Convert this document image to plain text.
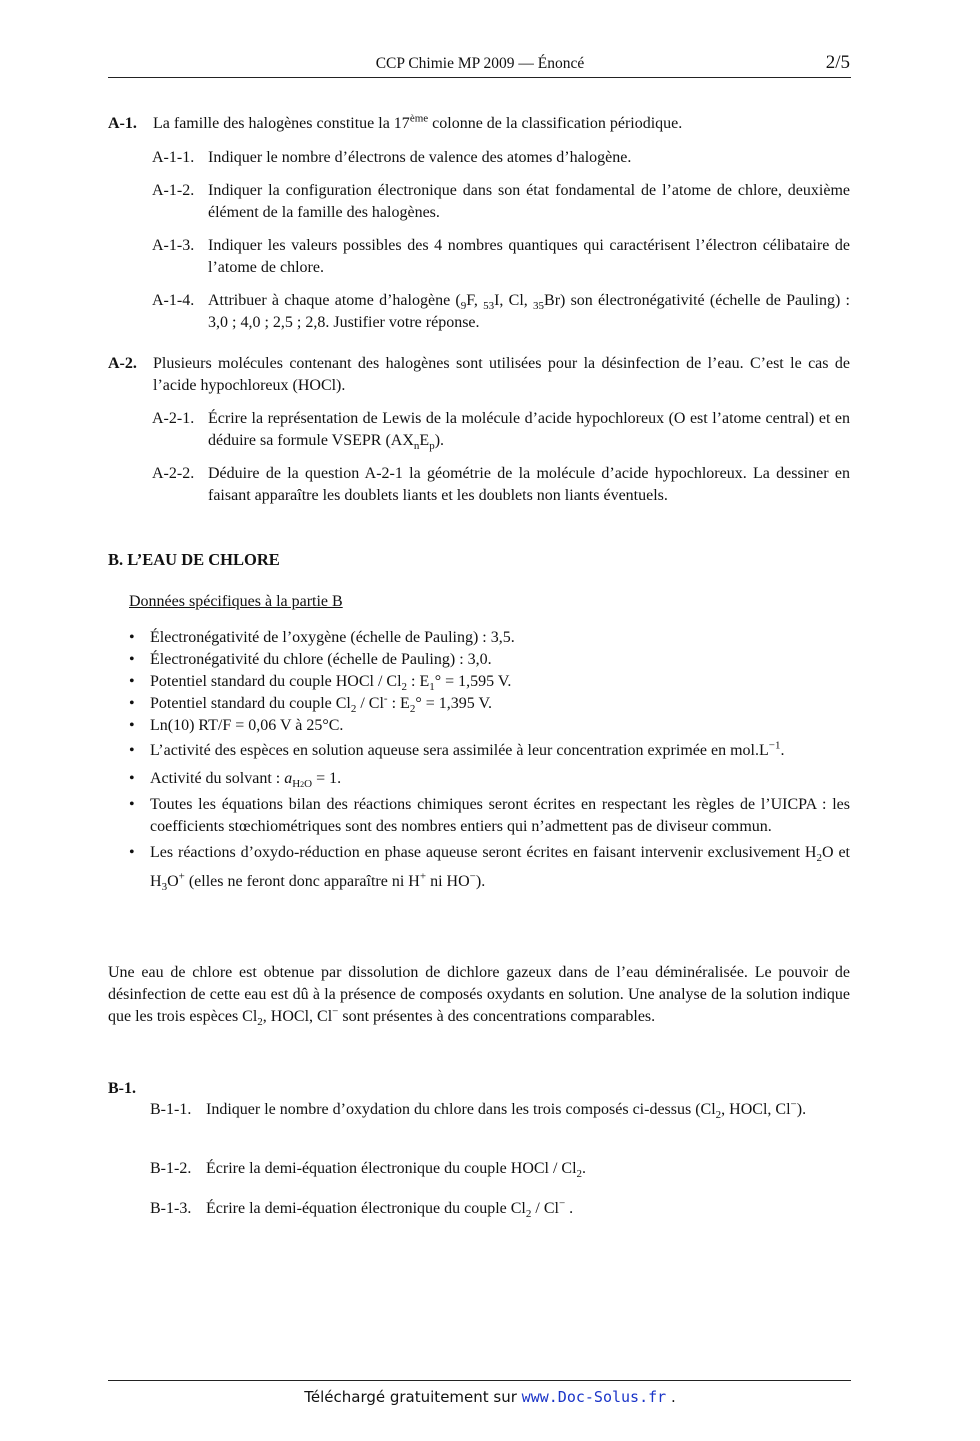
CCP Chimie MP 2009 — Énoncé	2/5
A-1. La famille des halogènes constitue la 17ème colonne de la classification périodique.
A-1-1. Indiquer le nombre d’électrons de valence des atomes d’halogène.
A-1-2. Indiquer la configuration électronique dans son état fondamental de l’atome de chlore, deuxième élément de la famille des halogènes.
A-1-3. Indiquer les valeurs possibles des 4 nombres quantiques qui caractérisent l’électron célibataire de l’atome de chlore.
A-1-4. Attribuer à chaque atome d’halogène ($_9F$, $_{53}$I, Cl, $_{35}$Br) son électronégativité (échelle de Pauling) : 3,0 ; 4,0 ; 2,5 ; 2,8. Justifier votre réponse.
A-2. Plusieurs molécules contenant des halogènes sont utilisées pour la désinfection de l’eau. C’est le cas de l’acide hypochloreux (HOCl).
A-2-1. Écrire la représentation de Lewis de la molécule d’acide hypochloreux (O est l’atome central) et en déduire sa formule VSEPR $(AX_nE_p)$.
A-2-2. Déduire de la question A-2-1 la géométrie de la molécule d’acide hypochloreux. La dessiner en faisant apparaître les doublets liants et les doublets non liants éventuels.
B. L’EAU DE CHLORE
Données spécifiques à la partie B
• Électronégativité de l’oxygène (échelle de Pauling) : 3,5.
• Électronégativité du chlore (échelle de Pauling) : 3,0.
• Potentiel standard du couple HOCl / $Cl_2$ : $E_1^\circ = 1,595$ V.
• Potentiel standard du couple $Cl_2 / Cl^-$ : $E_2^\circ = 1,395$ V.
• Ln(10) RT/F = 0,06 V à 25°C.
• L’activité des espèces en solution aqueuse sera assimilée à leur concentration exprimée en $mol.L^{-1}$.
• Activité du solvant : $a_{H2O} = 1$.
• Toutes les équations bilan des réactions chimiques seront écrites en respectant les règles de l’UICPA : les coefficients stœchiométriques sont des nombres entiers qui n’admettent pas de diviseur commun.
• Les réactions d’oxydo-réduction en phase aqueuse seront écrites en faisant intervenir exclusivement $H_2O$ et $H_3O^+$ (elles ne feront donc apparaître ni H+ ni HO−).
Une eau de chlore est obtenue par dissolution de dichlore gazeux dans de l’eau déminéralisée. Le pouvoir de désinfection de cette eau est dû à la présence de composés oxydants en solution. Une analyse de la solution indique que les trois espèces $Cl_2$, HOCl, Cl− sont présentes à des concentrations comparables.
B-1.
B-1-1. Indiquer le nombre d’oxydation du chlore dans les trois composés ci-dessus ($Cl_2$, HOCl, Cl−).
B-1-2. Écrire la demi-équation électronique du couple HOCl / $Cl_2$.
B-1-3. Écrire la demi-équation électronique du couple $Cl_2 / Cl^-$ .
Téléchargé gratuitement sur www.Doc-Solus.fr .
